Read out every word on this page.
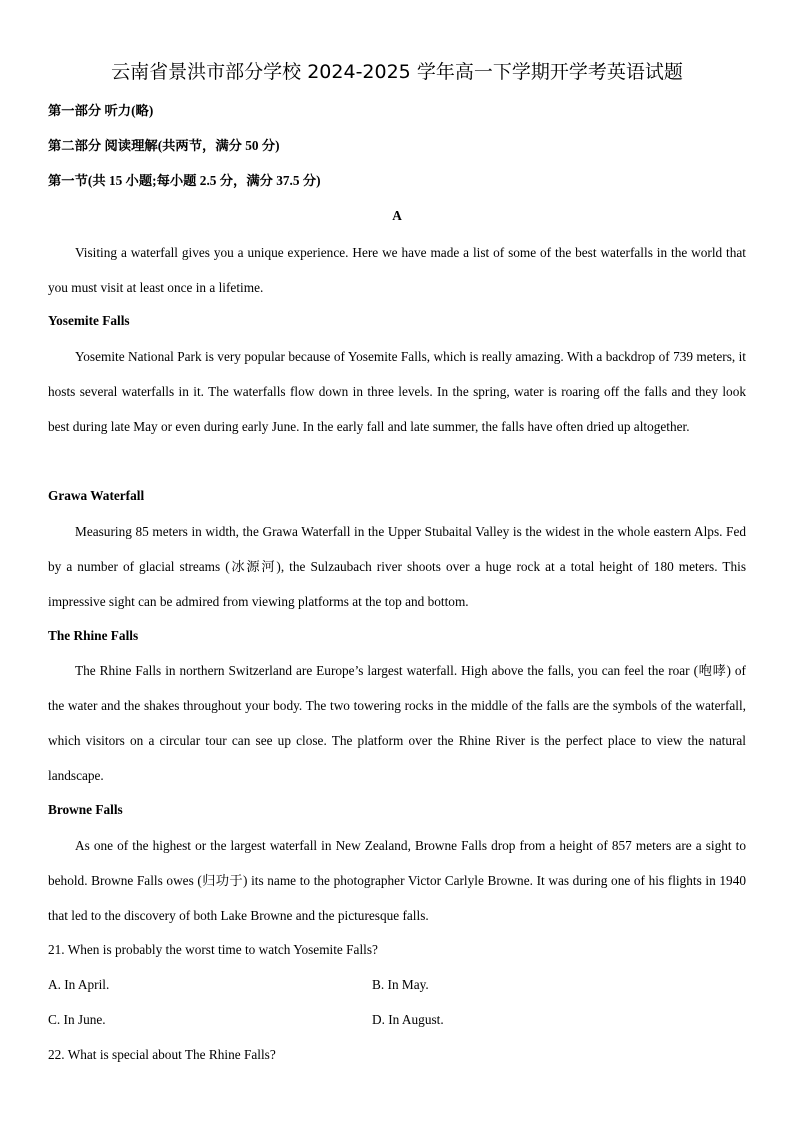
云南省景洪市部分学校 2024-2025 学年高一下学期开学考英语试题
第一部分 听力(略)
第二部分 阅读理解(共两节，满分 50 分)
第一节(共 15 小题;每小题 2.5 分，满分 37.5 分)
A
Visiting a waterfall gives you a unique experience. Here we have made a list of some of the best waterfalls in the world that you must visit at least once in a lifetime.
Yosemite Falls
Yosemite National Park is very popular because of Yosemite Falls, which is really amazing. With a backdrop of 739 meters, it hosts several waterfalls in it. The waterfalls flow down in three levels. In the spring, water is roaring off the falls and they look best during late May or even during early June. In the early fall and late summer, the falls have often dried up altogether.
Grawa Waterfall
Measuring 85 meters in width, the Grawa Waterfall in the Upper Stubaital Valley is the widest in the whole eastern Alps. Fed by a number of glacial streams (冰源河), the Sulzaubach river shoots over a huge rock at a total height of 180 meters. This impressive sight can be admired from viewing platforms at the top and bottom.
The Rhine Falls
The Rhine Falls in northern Switzerland are Europe’s largest waterfall. High above the falls, you can feel the roar (咆哮) of the water and the shakes throughout your body. The two towering rocks in the middle of the falls are the symbols of the waterfall, which visitors on a circular tour can see up close. The platform over the Rhine River is the perfect place to view the natural landscape.
Browne Falls
As one of the highest or the largest waterfall in New Zealand, Browne Falls drop from a height of 857 meters are a sight to behold. Browne Falls owes (归功于) its name to the photographer Victor Carlyle Browne. It was during one of his flights in 1940 that led to the discovery of both Lake Browne and the picturesque falls.
21. When is probably the worst time to watch Yosemite Falls?
A. In April.	B. In May.
C. In June.	D. In August.
22. What is special about The Rhine Falls?
